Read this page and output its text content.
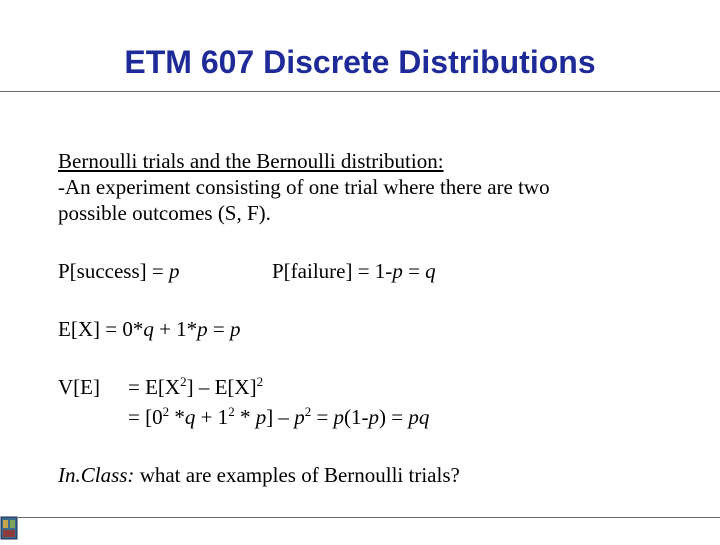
ETM 607 Discrete Distributions
Bernoulli trials and the Bernoulli distribution:
-An experiment consisting of one trial where there are two
possible outcomes (S, F).
P[success] = p	P[failure] = 1-p = q
E[X] = 0*q + 1*p = p
$V[E] = E[X^2] - E[X]^2$
= [$0^2$ $*q + 1^2 * p] - p^2 = p(1-p)$ = pq
In.Class: what are examples of Bernoulli trials?
